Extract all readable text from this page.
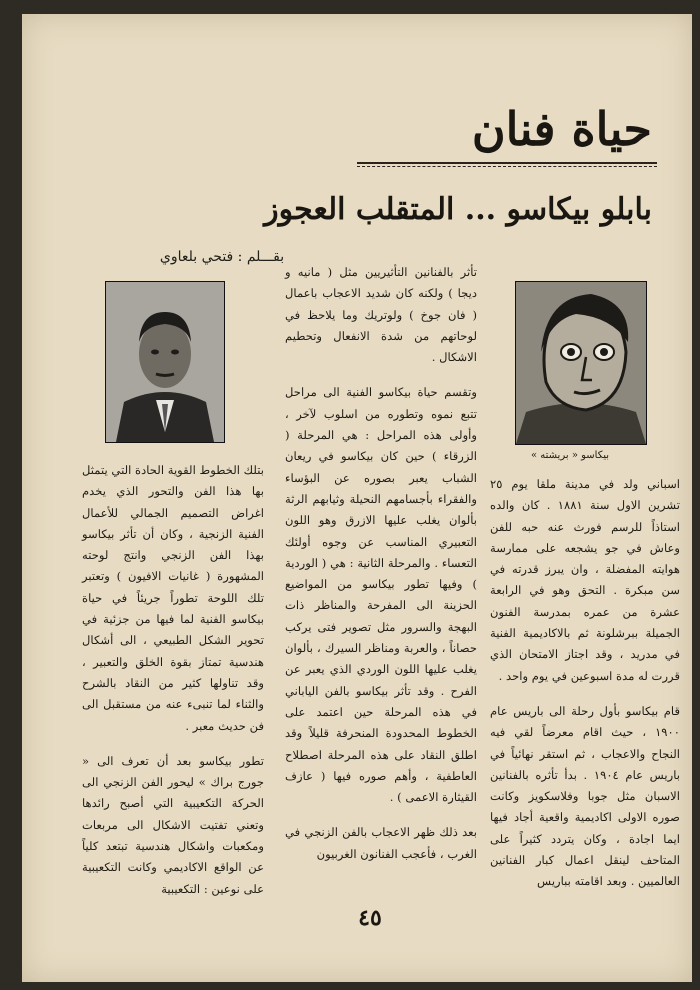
حياة فنان
بابلو بيكاسو ... المتقلب العجوز
بقـــلم : فتحي بلعاوي
بيكاسو « بريشته »

اسباني ولد في مدينة ملقا يوم ٢٥ تشرين الاول سنة ١٨٨١ . كان والده استاذاً للرسم فورث عنه حبه للفن وعاش في جو يشجعه على ممارسة هوايته المفضلة ، وان يبرز قدرته في سن مبكرة . التحق وهو في الرابعة عشرة من عمره بمدرسة الفنون الجميلة ببرشلونة ثم بالاكاديمية الفنية في مدريد ، وقد اجتاز الامتحان الذي قررت له مدة اسبوعين في يوم واحد .

قام بيكاسو بأول رحلة الى باريس عام ١٩٠٠ ، حيث اقام معرضاً لقي فيه النجاح والاعجاب ، ثم استقر نهائياً في باريس عام ١٩٠٤ . بدأ تأثره بالفنانين الاسبان مثل جوبا وفلاسكويز وكانت صوره الاولى اكاديمية واقعية أجاد فيها ايما اجادة ، وكان يتردد كثيراً على المتاحف لينقل اعمال كبار الفنانين العالميين . وبعد اقامته بباريس

تأثر بالفنانين التأثيريين مثل ( مانيه و ديجا ) ولكنه كان شديد الاعجاب باعمال ( فان جوخ ) ولوتريك وما يلاحظ في لوحاتهم من شدة الانفعال وتحطيم الاشكال .

وتقسم حياة بيكاسو الفنية الى مراحل تتبع نموه وتطوره من اسلوب لآخر ، وأولى هذه المراحل : هي المرحلة ( الزرقاء ) حين كان بيكاسو في ريعان الشباب يعبر بصوره عن البؤساء والفقراء بأجسامهم النحيلة وثيابهم الرثة بألوان يغلب عليها الازرق وهو اللون التعبيري المناسب عن وجوه أولئك التعساء . والمرحلة الثانية : هي ( الوردية ) وفيها تطور بيكاسو من المواضيع الحزينة الى المفرحة والمناظر ذات البهجة والسرور مثل تصوير فتى يركب حصاناً ، والعربة ومناظر السيرك ، بألوان يغلب عليها اللون الوردي الذي يعبر عن الفرح . وقد تأثر بيكاسو بالفن الياباني في هذه المرحلة حين اعتمد على الخطوط المحدودة المنحرفة قليلاً وقد اطلق النقاد على هذه المرحلة اصطلاح العاطفية ، وأهم صوره فيها ( عازف القيثارة الاعمى ) .

بعد ذلك ظهر الاعجاب بالفن الزنجي في الغرب ، فأعجب الفنانون الغربيون

بتلك الخطوط القوية الحادة التي يتمثل بها هذا الفن والتحور الذي يخدم اغراض التصميم الجمالي للأعمال الفنية الزنجية ، وكان أن تأثر بيكاسو بهذا الفن الزنجي وانتج لوحته المشهورة ( غانيات الافيون ) وتعتبر تلك اللوحة تطوراً جريئاً في حياة بيكاسو الفنية لما فيها من جزئية في تحوير الشكل الطبيعي ، الى أشكال هندسية تمتاز بقوة الخلق والتعبير ، وقد تناولها كثير من النقاد بالشرح والثناء لما تنبىء عنه من مستقبل الى فن حديث معبر .

تطور بيكاسو بعد أن تعرف الى « جورج براك » ليحور الفن الزنجي الى الحركة التكعيبية التي أصبح رائدها وتعني تفتيت الاشكال الى مربعات ومكعبات واشكال هندسية تبتعد كلياً عن الواقع الاكاديمي وكانت التكعيبية على نوعين : التكعيبية

٤٥
